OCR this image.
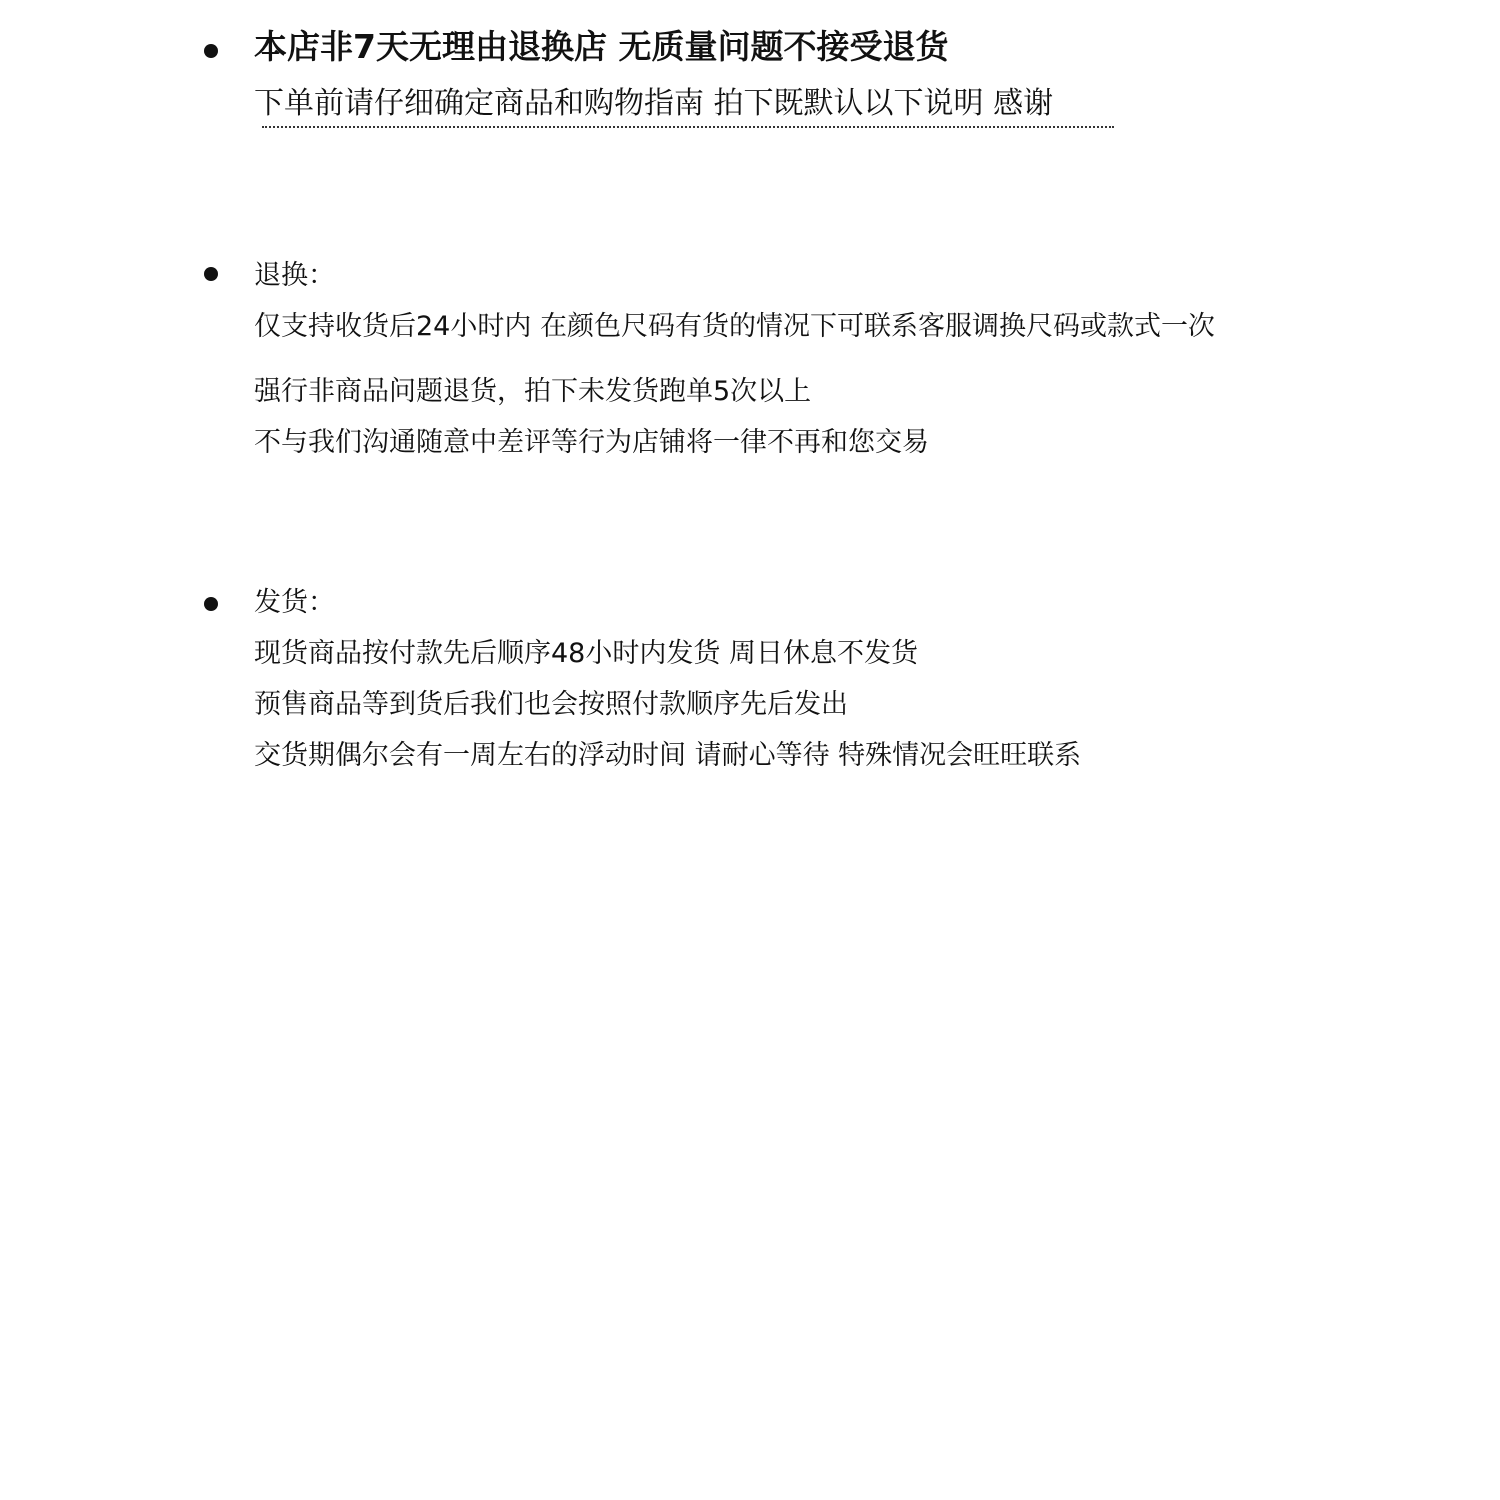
本店非7天无理由退换店 无质量问题不接受退货
下单前请仔细确定商品和购物指南 拍下既默认以下说明 感谢
退换：
仅支持收货后24小时内 在颜色尺码有货的情况下可联系客服调换尺码或款式一次
强行非商品问题退货，拍下未发货跑单5次以上
不与我们沟通随意中差评等行为店铺将一律不再和您交易
发货：
现货商品按付款先后顺序48小时内发货 周日休息不发货
预售商品等到货后我们也会按照付款顺序先后发出
交货期偶尔会有一周左右的浮动时间 请耐心等待 特殊情况会旺旺联系
